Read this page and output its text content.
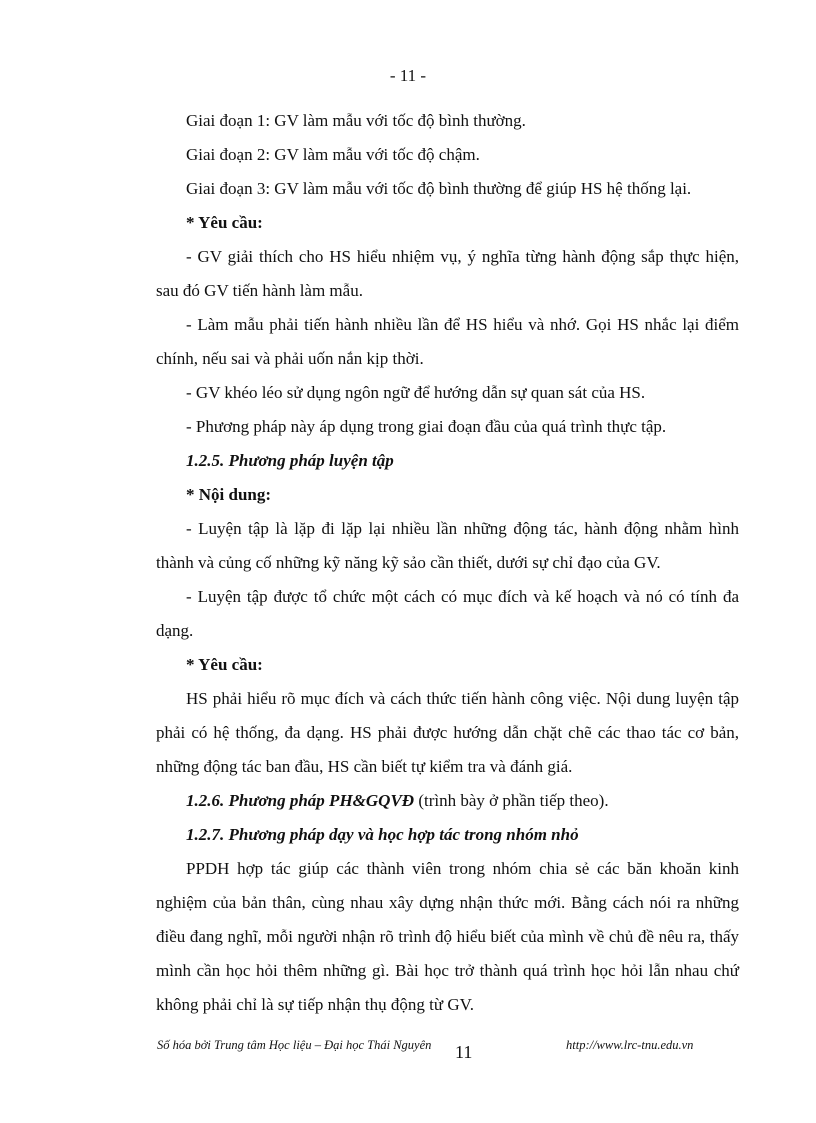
- 11 -

Giai đoạn 1: GV làm mẫu với tốc độ bình thường.

Giai đoạn 2: GV làm mẫu với tốc độ chậm.

Giai đoạn 3: GV làm mẫu với tốc độ bình thường để giúp HS hệ thống lại.

* Yêu cầu:

- GV giải thích cho HS hiểu nhiệm vụ, ý nghĩa từng hành động sắp thực hiện, sau đó GV tiến hành làm mẫu.

- Làm mẫu phải tiến hành nhiều lần để HS hiểu và nhớ. Gọi HS nhắc lại điểm chính, nếu sai và phải uốn nắn kịp thời.

- GV khéo léo sử dụng ngôn ngữ để hướng dẫn sự quan sát của HS.

- Phương pháp này áp dụng trong giai đoạn đầu của quá trình thực tập.

1.2.5. Phương pháp luyện tập

* Nội dung:

- Luyện tập là lặp đi lặp lại nhiều lần những động tác, hành động nhằm hình thành và củng cố những kỹ năng kỹ sảo cần thiết, dưới sự chỉ đạo của GV.

- Luyện tập được tổ chức một cách có mục đích và kế hoạch và nó có tính đa dạng.

* Yêu cầu:

HS phải hiểu rõ mục đích và cách thức tiến hành công việc. Nội dung luyện tập phải có hệ thống, đa dạng. HS phải được hướng dẫn chặt chẽ các thao tác cơ bản, những động tác ban đầu, HS cần biết tự kiểm tra và đánh giá.

1.2.6. Phương pháp PH&GQVĐ (trình bày ở phần tiếp theo).

1.2.7. Phương pháp dạy và học hợp tác trong nhóm nhỏ

PPDH hợp tác giúp các thành viên trong nhóm chia sẻ các băn khoăn kinh nghiệm của bản thân, cùng nhau xây dựng nhận thức mới. Bằng cách nói ra những điều đang nghĩ, mỗi người nhận rõ trình độ hiểu biết của mình về chủ đề nêu ra, thấy mình cần học hỏi thêm những gì. Bài học trở thành quá trình học hỏi lẫn nhau chứ không phải chỉ là sự tiếp nhận thụ động từ GV.

Số hóa bởi Trung tâm Học liệu – Đại học Thái Nguyên 11	http://www.lrc-tnu.edu.vn
